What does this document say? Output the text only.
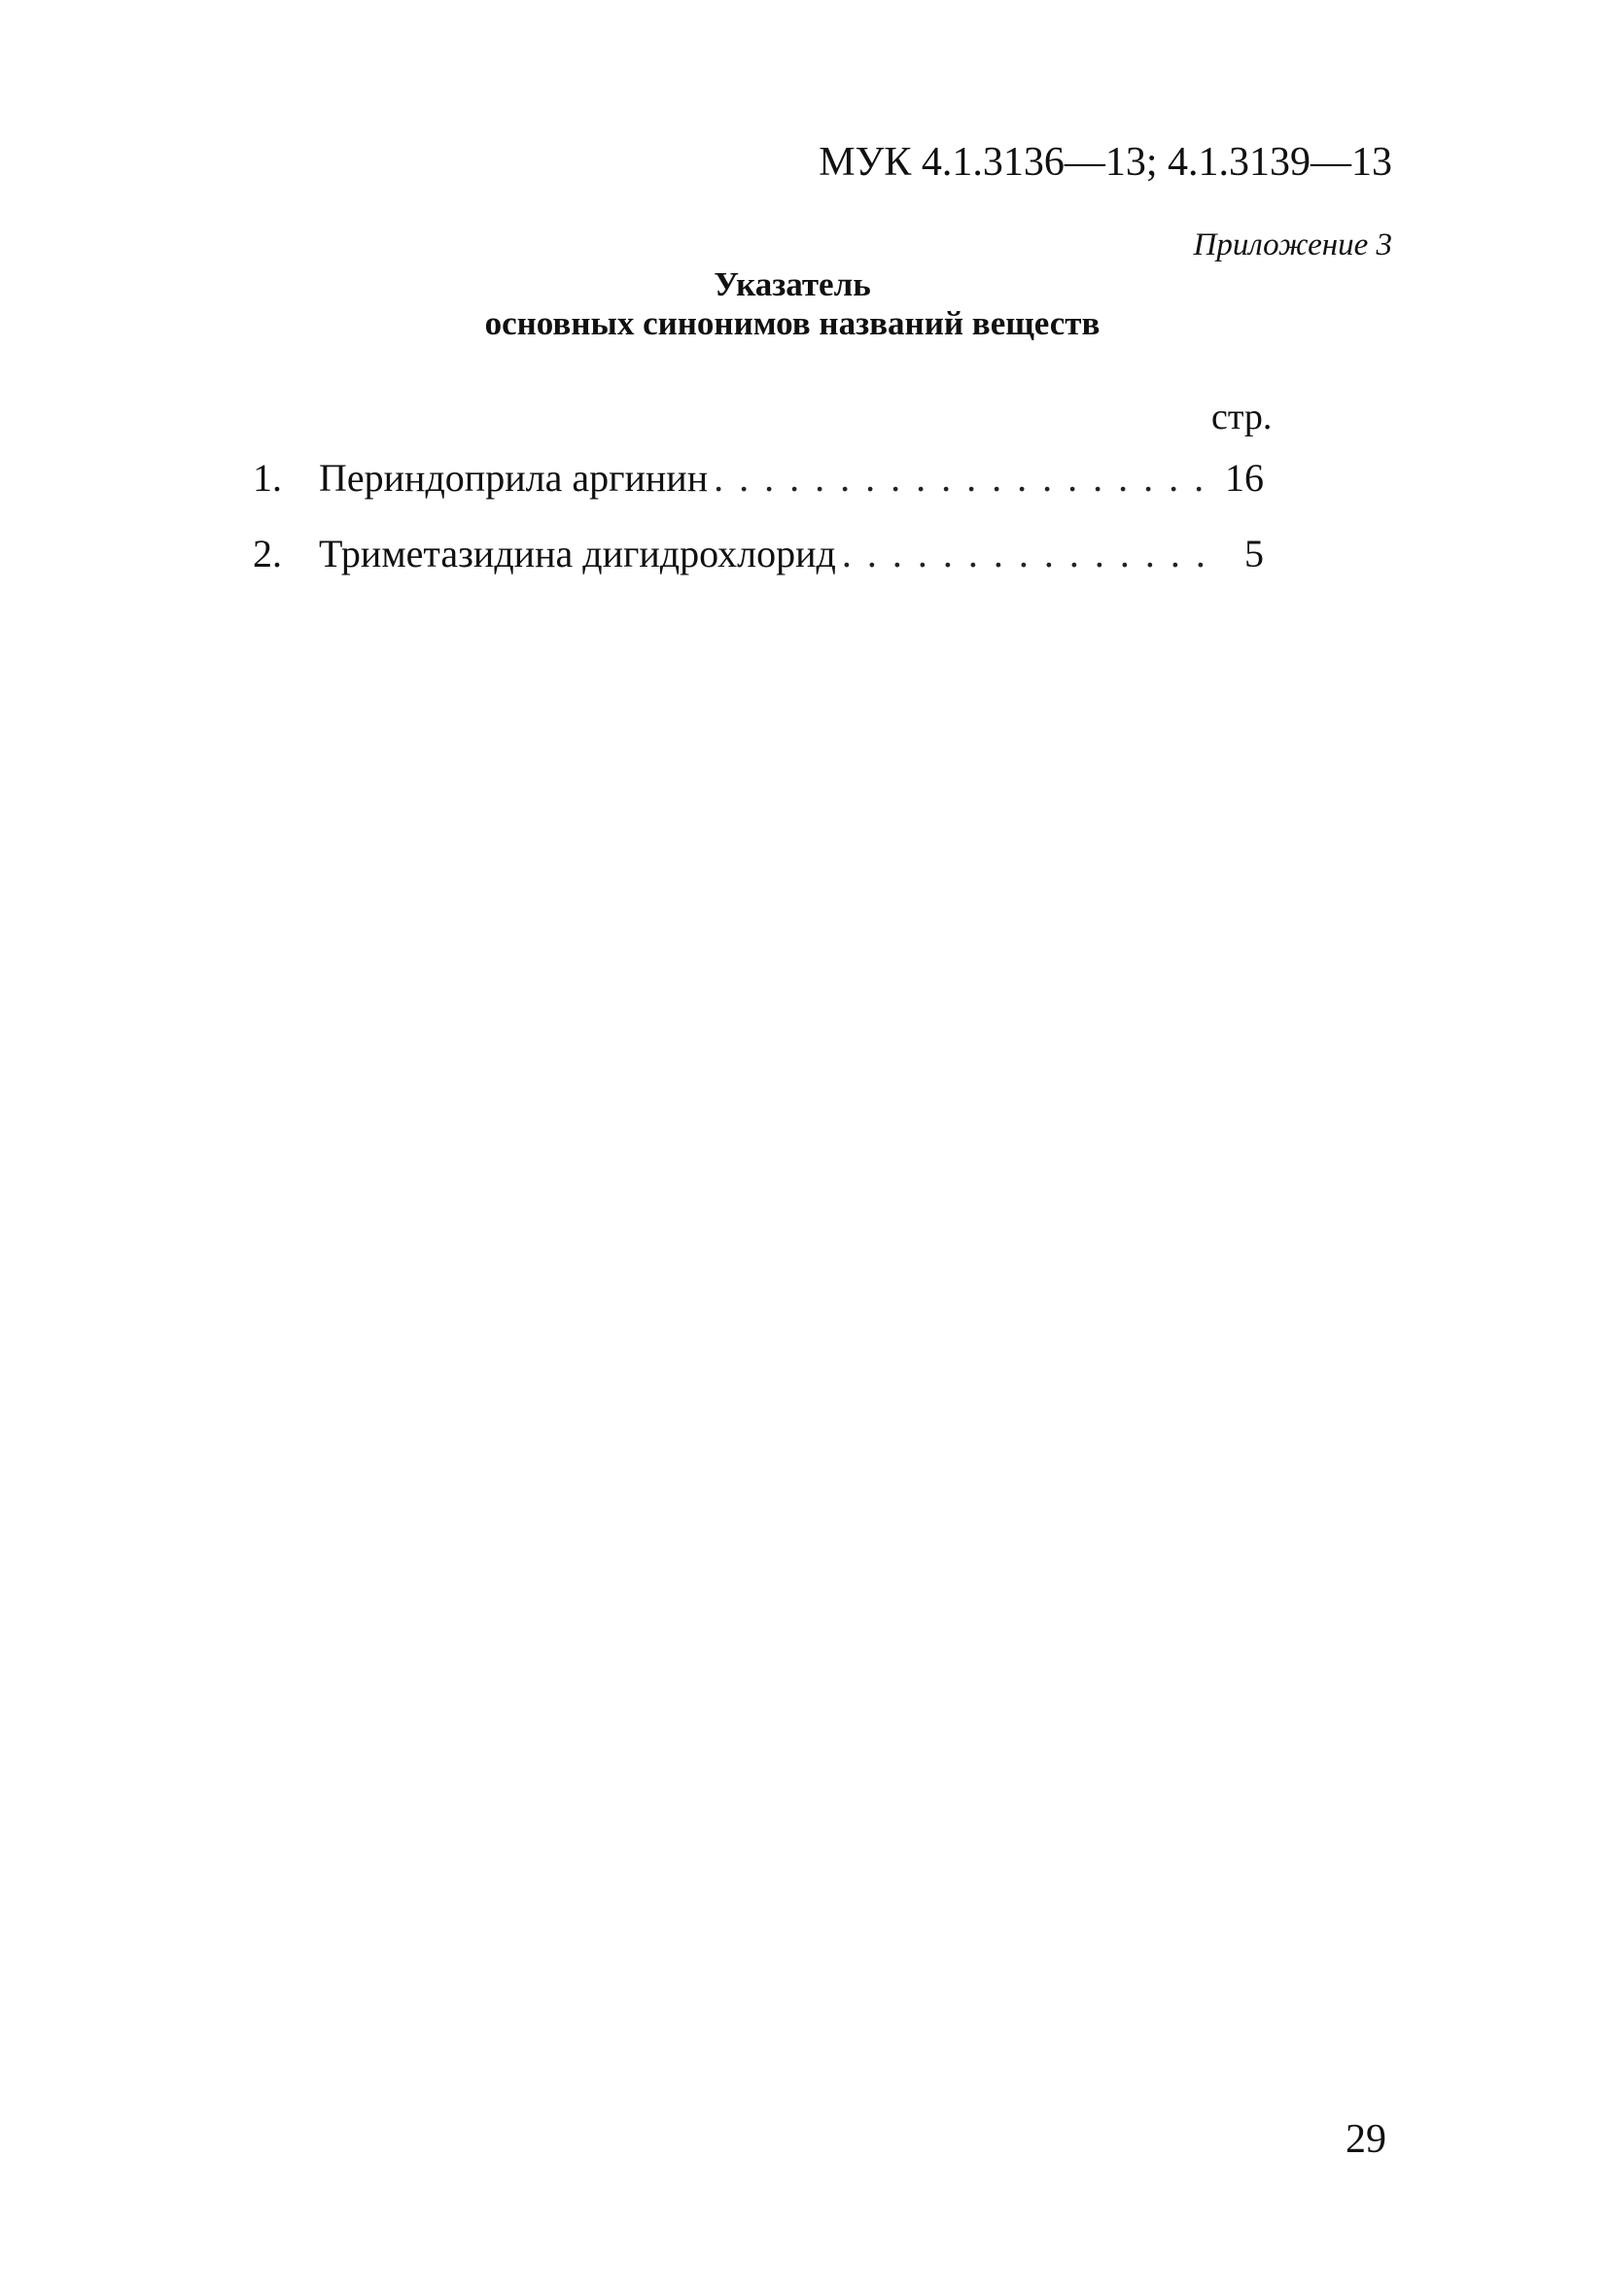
МУК 4.1.3136—13; 4.1.3139—13
Приложение 3
Указатель
основных синонимов названий веществ
стр.
1. Периндоприла аргинин . . .	16
2. Триметазидина дигидрохлорид . . .	5
29
